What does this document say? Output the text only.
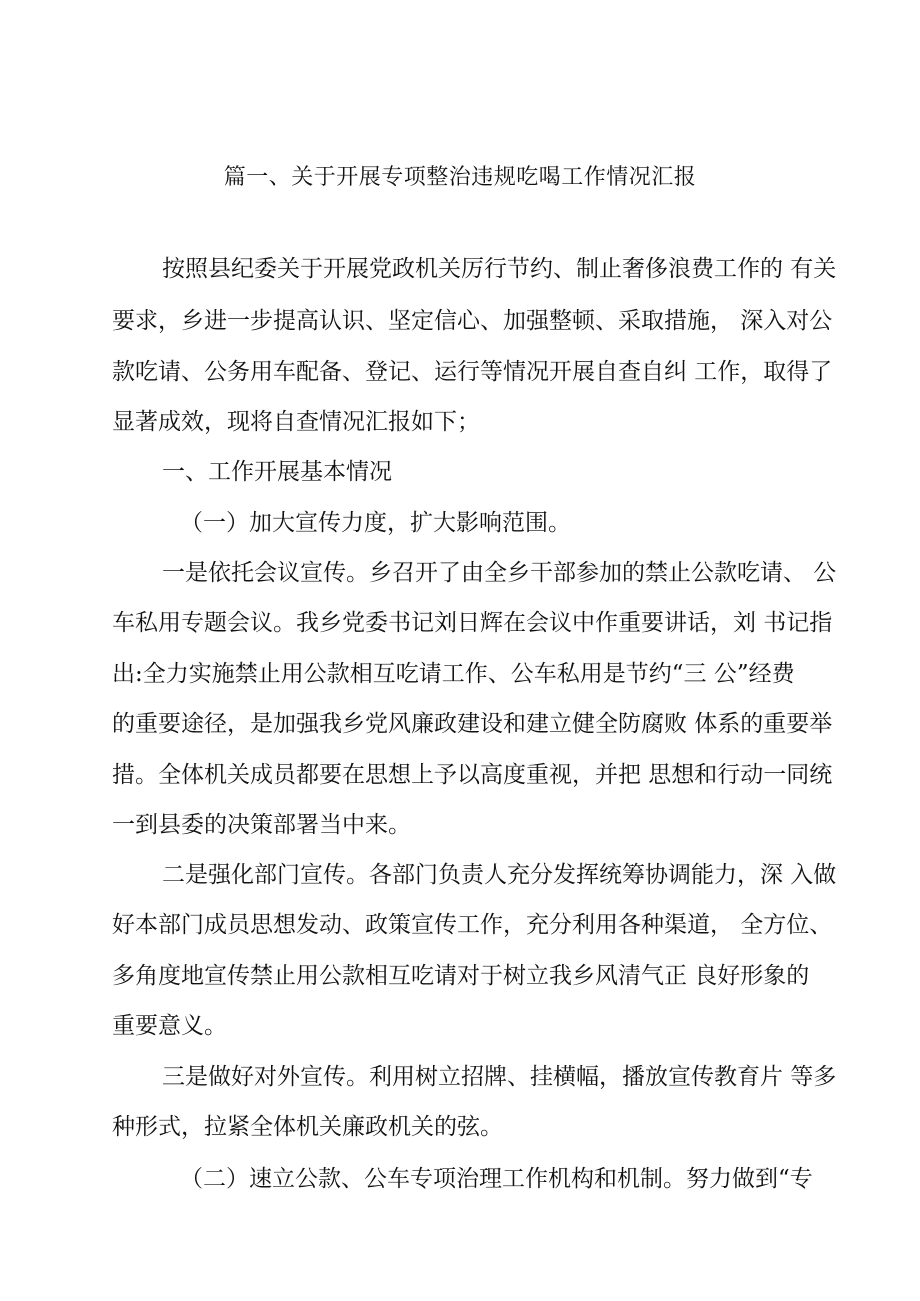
篇一、关于开展专项整治违规吃喝工作情况汇报
按照县纪委关于开展党政机关厉行节约、制止奢侈浪费工作的 有关
要求，乡进一步提高认识、坚定信心、加强整顿、采取措施， 深入对公
款吃请、公务用车配备、登记、运行等情况开展自查自纠 工作，取得了
显著成效，现将自查情况汇报如下；
一、工作开展基本情况
（一）加大宣传力度，扩大影响范围。
一是依托会议宣传。乡召开了由全乡干部参加的禁止公款吃请、 公
车私用专题会议。我乡党委书记刘日辉在会议中作重要讲话，刘 书记指
出:全力实施禁止用公款相互吃请工作、公车私用是节约“三 公”经费
的重要途径，是加强我乡党风廉政建设和建立健全防腐败 体系的重要举
措。全体机关成员都要在思想上予以高度重视，并把 思想和行动一同统
一到县委的决策部署当中来。
二是强化部门宣传。各部门负责人充分发挥统筹协调能力，深 入做
好本部门成员思想发动、政策宣传工作，充分利用各种渠道， 全方位、
多角度地宣传禁止用公款相互吃请对于树立我乡风清气正 良好形象的
重要意义。
三是做好对外宣传。利用树立招牌、挂横幅，播放宣传教育片 等多
种形式，拉紧全体机关廉政机关的弦。
（二）速立公款、公车专项治理工作机构和机制。努力做到“专
